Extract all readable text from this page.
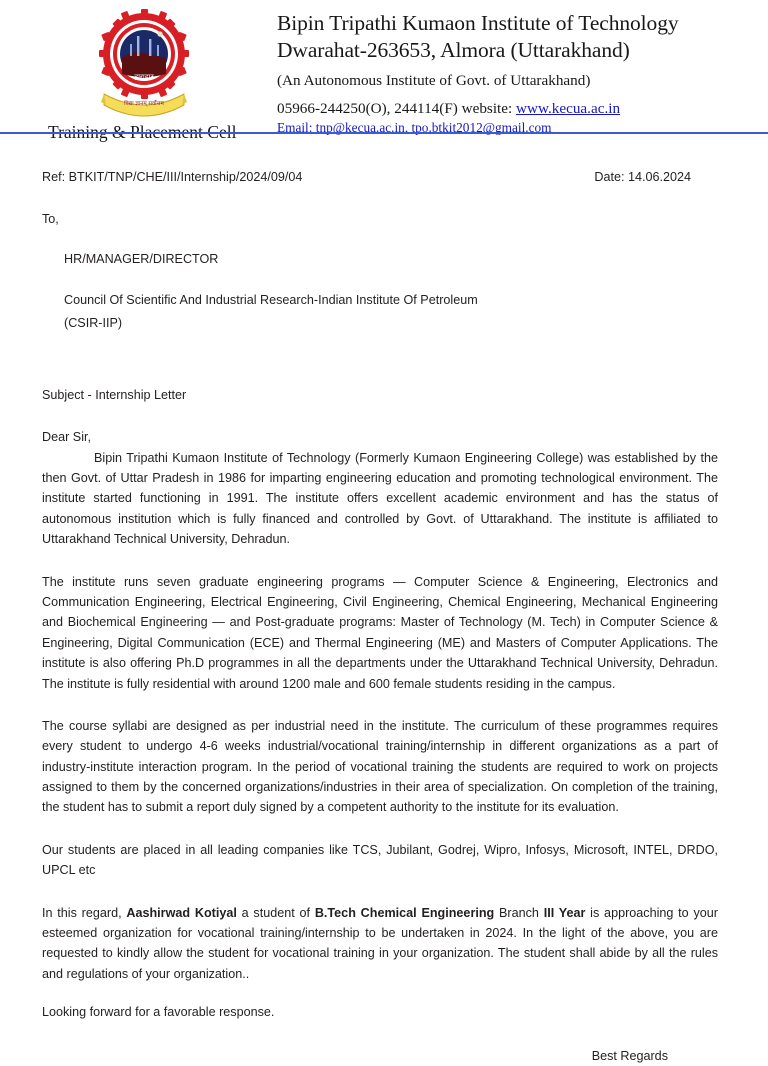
द्वाराहाट
विद्या ज्ञानम् सर्वोत्तम
Bipin Tripathi Kumaon Institute of Technology
Dwarahat-263653, Almora (Uttarakhand)
(An Autonomous Institute of Govt. of Uttarakhand)
05966-244250(O), 244114(F) website: www.kecua.ac.in
Email: tnp@kecua.ac.in, tpo.btkit2012@gmail.com
Training & Placement Cell
Ref: BTKIT/TNP/CHE/III/Internship/2024/09/04	Date: 14.06.2024
To,
HR/MANAGER/DIRECTOR
Council Of Scientific And Industrial Research-Indian Institute Of Petroleum
(CSIR-IIP)
Subject - Internship Letter
Dear Sir,

Bipin Tripathi Kumaon Institute of Technology (Formerly Kumaon Engineering College) was established by the then Govt. of Uttar Pradesh in 1986 for imparting engineering education and promoting technological environment. The institute started functioning in 1991. The institute offers excellent academic environment and has the status of autonomous institution which is fully financed and controlled by Govt. of Uttarakhand. The institute is affiliated to Uttarakhand Technical University, Dehradun.

The institute runs seven graduate engineering programs — Computer Science & Engineering, Electronics and Communication Engineering, Electrical Engineering, Civil Engineering, Chemical Engineering, Mechanical Engineering and Biochemical Engineering — and Post-graduate programs: Master of Technology (M. Tech) in Computer Science & Engineering, Digital Communication (ECE) and Thermal Engineering (ME) and Masters of Computer Applications. The institute is also offering Ph.D programmes in all the departments under the Uttarakhand Technical University, Dehradun. The institute is fully residential with around 1200 male and 600 female students residing in the campus.

The course syllabi are designed as per industrial need in the institute. The curriculum of these programmes requires every student to undergo 4-6 weeks industrial/vocational training/internship in different organizations as a part of industry-institute interaction program. In the period of vocational training the students are required to work on projects assigned to them by the concerned organizations/industries in their area of specialization. On completion of the training, the student has to submit a report duly signed by a competent authority to the institute for its evaluation.

Our students are placed in all leading companies like TCS, Jubilant, Godrej, Wipro, Infosys, Microsoft, INTEL, DRDO, UPCL etc

In this regard, Aashirwad Kotiyal a student of B.Tech Chemical Engineering Branch III Year is approaching to your esteemed organization for vocational training/internship to be undertaken in 2024. In the light of the above, you are requested to kindly allow the student for vocational training in your organization. The student shall abide by all the rules and regulations of your organization..

Looking forward for a favorable response.
Best Regards
